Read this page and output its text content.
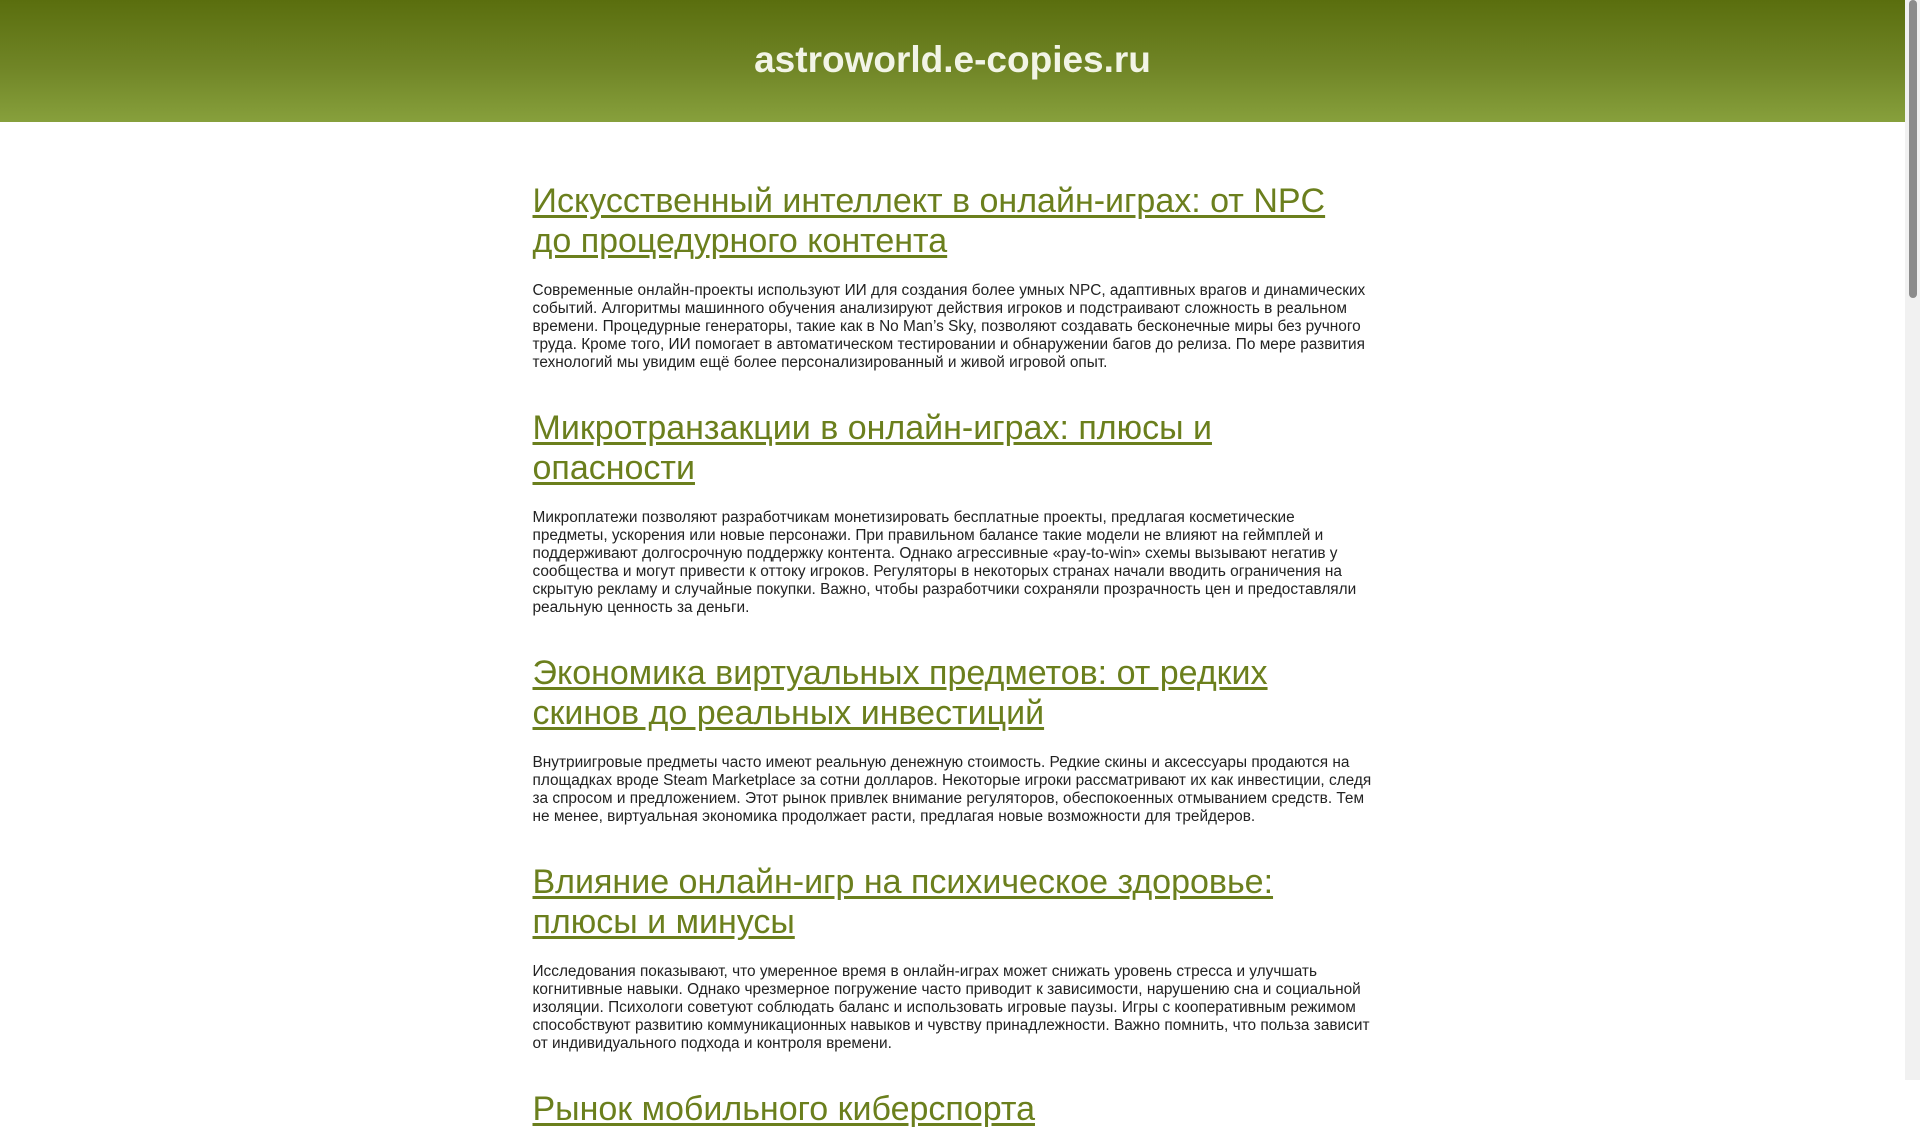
astroworld.e-copies.ru
Искусственный интеллект в онлайн-играх: от NPC до процедурного контента

Современные онлайн-проекты используют ИИ для создания более умных NPC, адаптивных врагов и динамических событий. Алгоритмы машинного обучения анализируют действия игроков и подстраивают сложность в реальном времени. Процедурные генераторы, такие как в No Man’s Sky, позволяют создавать бесконечные миры без ручного труда. Кроме того, ИИ помогает в автоматическом тестировании и обнаружении багов до релиза. По мере развития технологий мы увидим ещё более персонализированный и живой игровой опыт.

Микротранзакции в онлайн-играх: плюсы и опасности

Микроплатежи позволяют разработчикам монетизировать бесплатные проекты, предлагая косметические предметы, ускорения или новые персонажи. При правильном балансе такие модели не влияют на геймплей и поддерживают долгосрочную поддержку контента. Однако агрессивные «pay-to-win» схемы вызывают негатив у сообщества и могут привести к оттоку игроков. Регуляторы в некоторых странах начали вводить ограничения на скрытую рекламу и случайные покупки. Важно, чтобы разработчики сохраняли прозрачность цен и предоставляли реальную ценность за деньги.

Экономика виртуальных предметов: от редких скинов до реальных инвестиций

Внутриигровые предметы часто имеют реальную денежную стоимость. Редкие скины и аксессуары продаются на площадках вроде Steam Marketplace за сотни долларов. Некоторые игроки рассматривают их как инвестиции, следя за спросом и предложением. Этот рынок привлек внимание регуляторов, обеспокоенных отмыванием средств. Тем не менее, виртуальная экономика продолжает расти, предлагая новые возможности для трейдеров.

Влияние онлайн-игр на психическое здоровье: плюсы и минусы

Исследования показывают, что умеренное время в онлайн-играх может снижать уровень стресса и улучшать когнитивные навыки. Однако чрезмерное погружение часто приводит к зависимости, нарушению сна и социальной изоляции. Психологи советуют соблюдать баланс и использовать игровые паузы. Игры с кооперативным режимом способствуют развитию коммуникационных навыков и чувству принадлежности. Важно помнить, что польза зависит от индивидуального подхода и контроля времени.

Рынок мобильного киберспорта
